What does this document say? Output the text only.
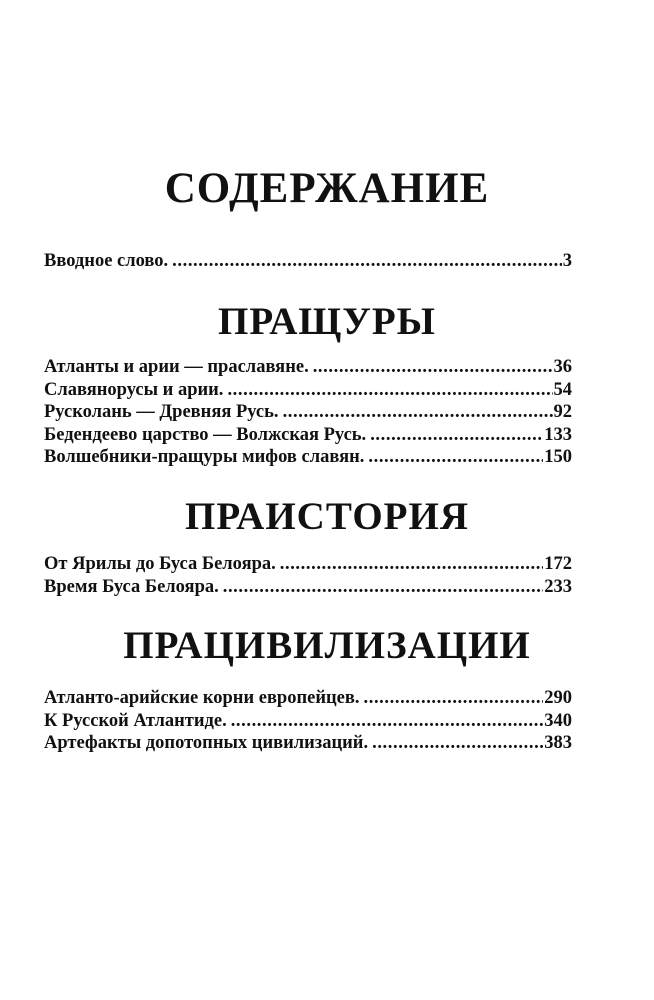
СОДЕРЖАНИЕ
Вводное слово. .....	3
ПРАЩУРЫ
Атланты и арии — праславяне. .....	36
Славянорусы и арии. .....	54
Русколань — Древняя Русь. .....	92
Бедендеево царство — Волжская Русь. .....	133
Волшебники-пращуры мифов славян. .....	150
ПРАИСТОРИЯ
От Ярилы до Буса Белояра. .....	172
Время Буса Белояра. .....	233
ПРАЦИВИЛИЗАЦИИ
Атланто-арийские корни европейцев. .....	290
К Русской Атлантиде. .....	340
Артефакты допотопных цивилизаций. .....	383
